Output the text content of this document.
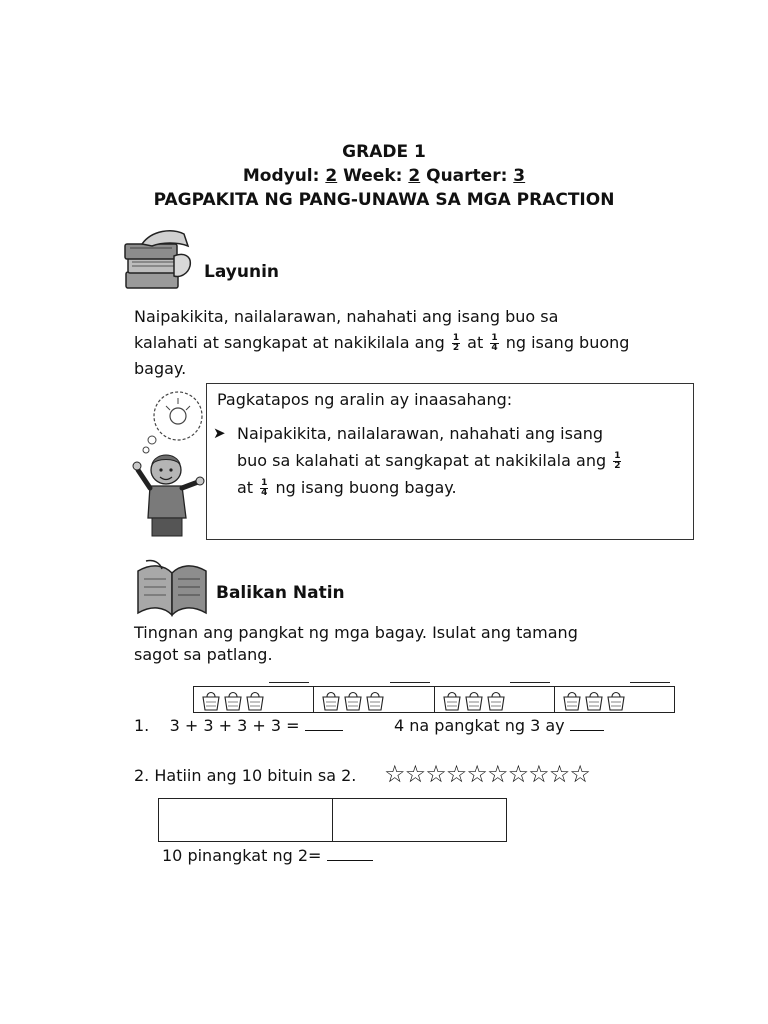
GRADE 1
Modyul: 2 Week: 2 Quarter: 3
PAGPAKITA NG PANG-UNAWA SA MGA PRACTION
Layunin
Naipakikita, nailalarawan, nahahati ang isang buo sa
kalahati at sangkapat at nakikilala ang $\frac{1}{2}$ at $\frac{1}{4}$ ng isang buong
bagay.
Pagkatapos ng aralin ay inaasahang:
➤ Naipakikita, nailalarawan, nahahati ang isang
buo sa kalahati at sangkapat at nakikilala ang $\frac{1}{2}$
at $\frac{1}{4}$ ng isang buong bagay.
Balikan Natin
Tingnan ang pangkat ng mga bagay. Isulat ang tamang
sagot sa patlang.
1. 3 + 3 + 3 + 3 =	4 na pangkat ng 3 ay
2. Hatiin ang 10 bituin sa 2. ☆ ☆ ☆ ☆ ☆ ☆ ☆ ☆ ☆ ☆
10 pinangkat ng 2=
